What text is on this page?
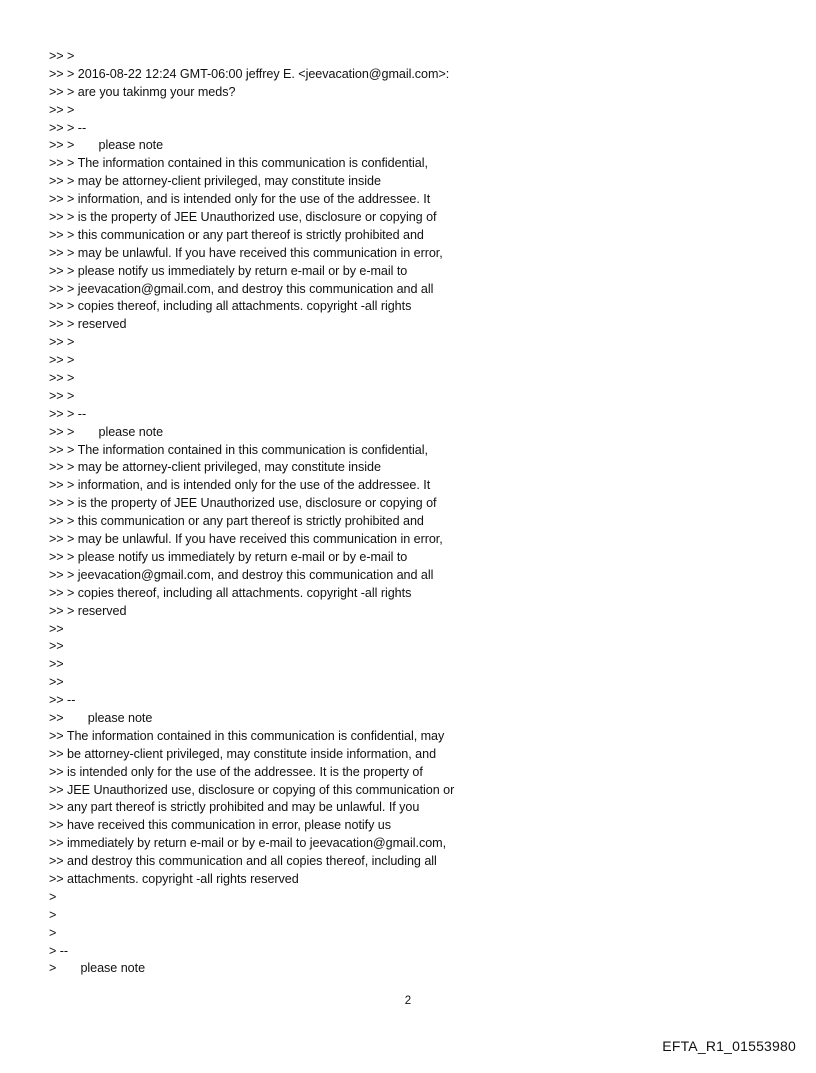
>> >
>> > 2016-08-22 12:24 GMT-06:00 jeffrey E. <jeevacation@gmail.com>:
>> > are you takinmg your meds?
>> >
>> > --
>> >       please note
>> > The information contained in this communication is confidential,
>> > may be attorney-client privileged, may constitute inside
>> > information, and is intended only for the use of the addressee. It
>> > is the property of JEE Unauthorized use, disclosure or copying of
>> > this communication or any part thereof is strictly prohibited and
>> > may be unlawful. If you have received this communication in error,
>> > please notify us immediately by return e-mail or by e-mail to
>> > jeevacation@gmail.com, and destroy this communication and all
>> > copies thereof, including all attachments. copyright -all rights
>> > reserved
>> >
>> >
>> >
>> >
>> > --
>> >       please note
>> > The information contained in this communication is confidential,
>> > may be attorney-client privileged, may constitute inside
>> > information, and is intended only for the use of the addressee. It
>> > is the property of JEE Unauthorized use, disclosure or copying of
>> > this communication or any part thereof is strictly prohibited and
>> > may be unlawful. If you have received this communication in error,
>> > please notify us immediately by return e-mail or by e-mail to
>> > jeevacation@gmail.com, and destroy this communication and all
>> > copies thereof, including all attachments. copyright -all rights
>> > reserved
>>
>>
>>
>>
>> --
>>       please note
>> The information contained in this communication is confidential, may
>> be attorney-client privileged, may constitute inside information, and
>> is intended only for the use of the addressee. It is the property of
>> JEE Unauthorized use, disclosure or copying of this communication or
>> any part thereof is strictly prohibited and may be unlawful. If you
>> have received this communication in error, please notify us
>> immediately by return e-mail or by e-mail to jeevacation@gmail.com,
>> and destroy this communication and all copies thereof, including all
>> attachments. copyright -all rights reserved
>
>
>
> --
>       please note
2
EFTA_R1_01553980
